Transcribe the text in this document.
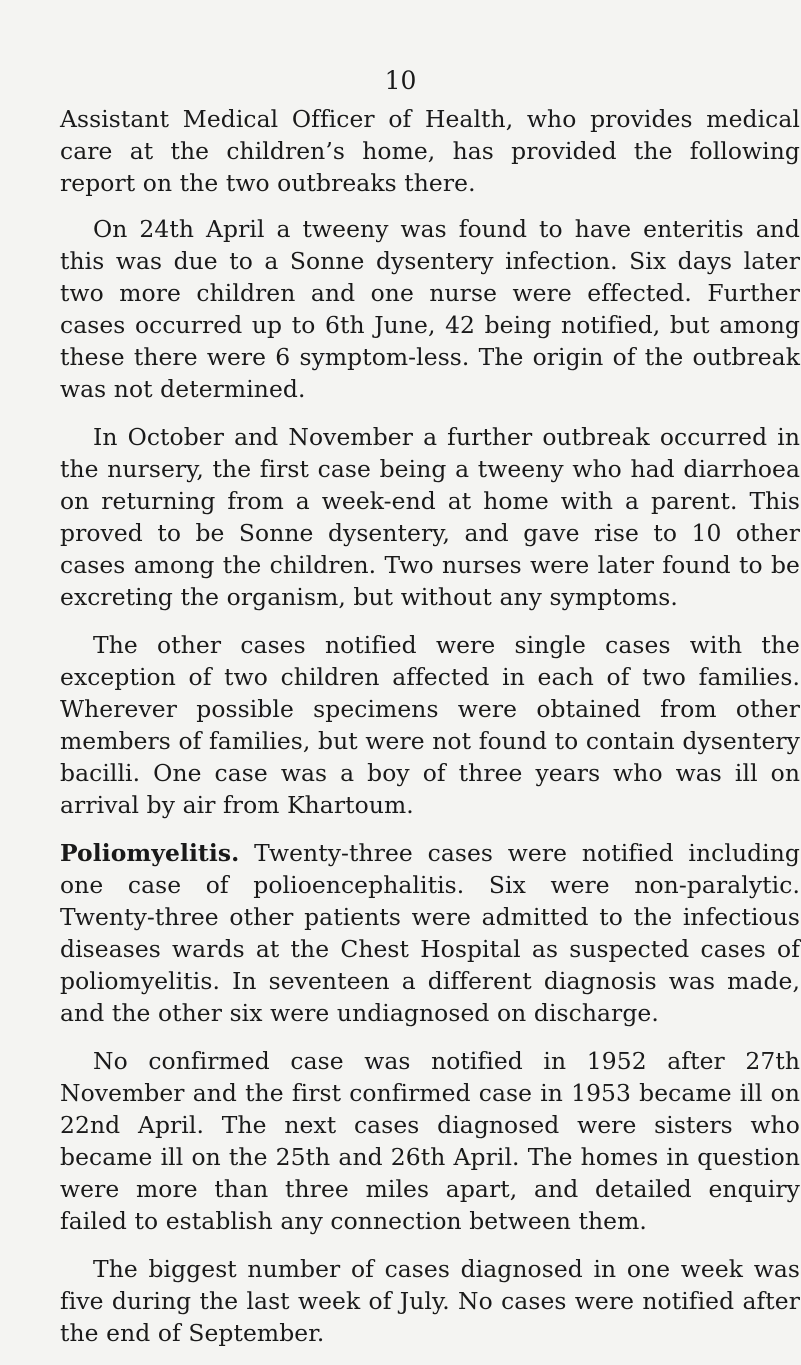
10

Assistant Medical Officer of Health, who provides medical care at the children’s home, has provided the following report on the two outbreaks there.

On 24th April a tweeny was found to have enteritis and this was due to a Sonne dysentery infection. Six days later two more children and one nurse were effected. Further cases occurred up to 6th June, 42 being notified, but among these there were 6 symptom-less. The origin of the outbreak was not determined.

In October and November a further outbreak occurred in the nursery, the first case being a tweeny who had diarrhoea on returning from a week-end at home with a parent. This proved to be Sonne dysentery, and gave rise to 10 other cases among the children. Two nurses were later found to be excreting the organism, but without any symptoms.

The other cases notified were single cases with the exception of two children affected in each of two families. Wherever possible specimens were obtained from other members of families, but were not found to contain dysentery bacilli. One case was a boy of three years who was ill on arrival by air from Khartoum.

Poliomyelitis. Twenty-three cases were notified including one case of polioencephalitis. Six were non-paralytic. Twenty-three other patients were admitted to the infectious diseases wards at the Chest Hospital as suspected cases of poliomyelitis. In seventeen a different diagnosis was made, and the other six were undiagnosed on discharge.

No confirmed case was notified in 1952 after 27th November and the first confirmed case in 1953 became ill on 22nd April. The next cases diagnosed were sisters who became ill on the 25th and 26th April. The homes in question were more than three miles apart, and detailed enquiry failed to establish any connection between them.

The biggest number of cases diagnosed in one week was five during the last week of July. No cases were notified after the end of September.
